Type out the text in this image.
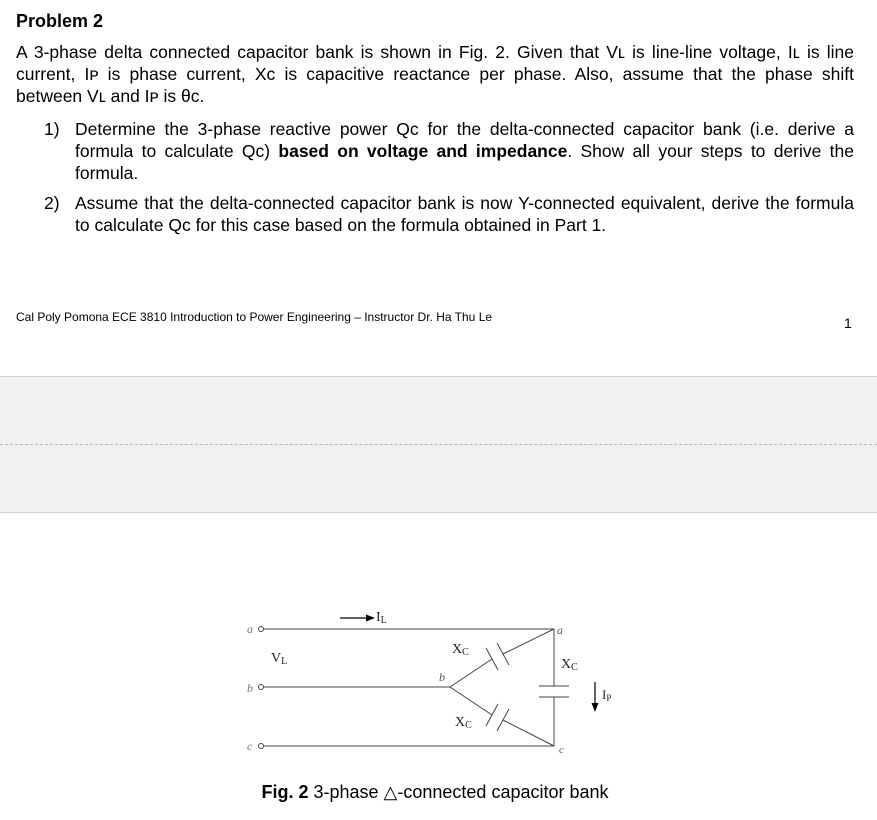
Problem 2

A 3-phase delta connected capacitor bank is shown in Fig. 2. Given that Vʟ is line-line voltage, Iʟ is line current, Iᴘ is phase current, Xᴄ is capacitive reactance per phase. Also, assume that the phase shift between Vʟ and Iᴘ is θᴄ.

1) Determine the 3-phase reactive power Qᴄ for the delta-connected capacitor bank (i.e. derive a formula to calculate Qᴄ) based on voltage and impedance. Show all your steps to derive the formula.
2) Assume that the delta-connected capacitor bank is now Y-connected equivalent, derive the formula to calculate Qᴄ for this case based on the formula obtained in Part 1.
Cal Poly Pomona ECE 3810 Introduction to Power Engineering – Instructor Dr. Ha Thu Le	1
a
b
c
a
b
c
VL
IL
IP
XC
XC
XC
Fig. 2 3-phase △-connected capacitor bank
